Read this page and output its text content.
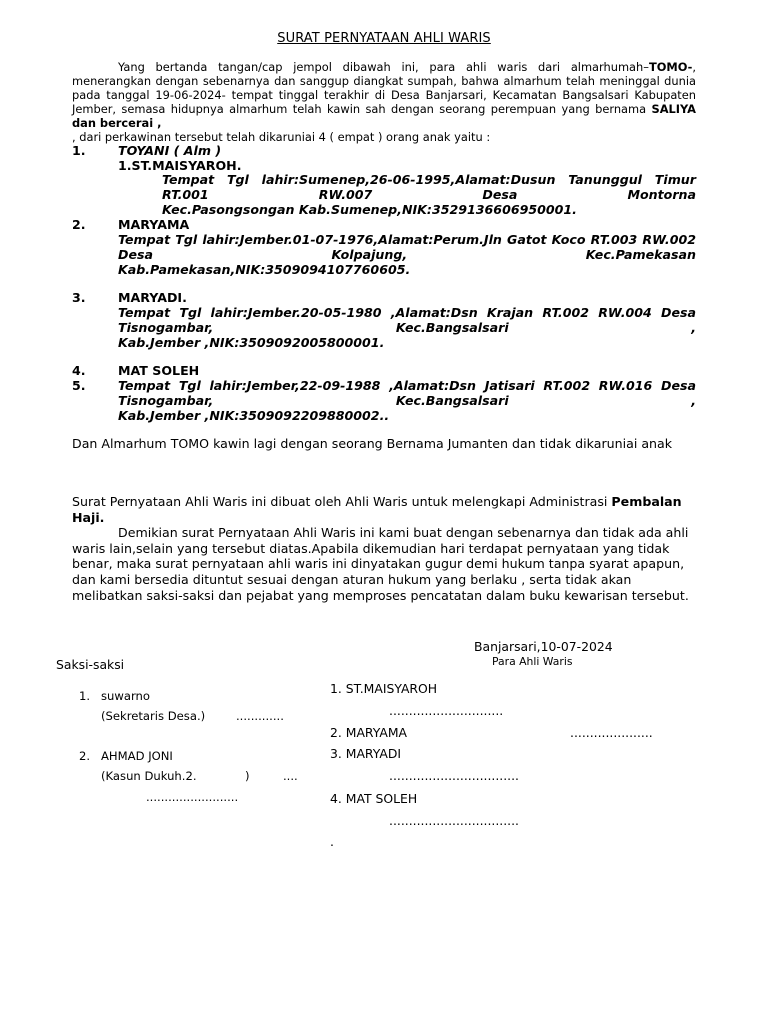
SURAT PERNYATAAN AHLI WARIS

Yang bertanda tangan/cap jempol dibawah ini, para ahli waris dari almarhumah–TOMO-, menerangkan dengan sebenarnya dan sanggup diangkat sumpah, bahwa almarhum telah meninggal dunia pada tanggal 19-06-2024- tempat tinggal terakhir di Desa Banjarsari, Kecamatan Bangsalsari Kabupaten Jember, semasa hidupnya almarhum telah kawin sah dengan seorang perempuan yang bernama SALIYA dan bercerai ,

, dari perkawinan tersebut telah dikaruniai 4 ( empat ) orang anak yaitu :

1.	TOYANI ( Alm )
1.ST.MAISYAROH.
Tempat Tgl lahir:Sumenep,26-06-1995,Alamat:Dusun Tanunggul Timur RT.001 RW.007 Desa Montorna
Kec.Pasongsongan Kab.Sumenep,NIK:3529136606950001.
2.	MARYAMA
Tempat Tgl lahir:Jember.01-07-1976,Alamat:Perum.Jln Gatot Koco RT.003 RW.002 Desa Kolpajung, Kec.Pamekasan
Kab.Pamekasan,NIK:3509094107760605.
3.	MARYADI.
Tempat Tgl lahir:Jember.20-05-1980 ,Alamat:Dsn Krajan RT.002 RW.004 Desa Tisnogambar, Kec.Bangsalsari ,
Kab.Jember ,NIK:3509092005800001.
4.	MAT SOLEH
5.	Tempat Tgl lahir:Jember,22-09-1988 ,Alamat:Dsn Jatisari RT.002 RW.016 Desa Tisnogambar, Kec.Bangsalsari ,
Kab.Jember ,NIK:3509092209880002..
Dan Almarhum TOMO kawin lagi dengan seorang Bernama Jumanten dan tidak dikaruniai anak

Surat Pernyataan Ahli Waris ini dibuat oleh Ahli Waris untuk melengkapi Administrasi Pembalan Haji.

Demikian surat Pernyataan Ahli Waris ini kami buat dengan sebenarnya dan tidak ada ahli waris lain,selain yang tersebut diatas.Apabila dikemudian hari terdapat pernyataan yang tidak benar, maka surat pernyataan ahli waris ini dinyatakan gugur demi hukum tanpa syarat apapun, dan kami bersedia dituntut sesuai dengan aturan hukum yang berlaku , serta tidak akan melibatkan saksi-saksi dan pejabat yang memproses pencatatan dalam buku kewarisan tersebut.

Banjarsari,10-07-2024
Para Ahli Waris
Saksi-saksi
1. suwarno
(Sekretaris Desa.)	.............
2. AHMAD JONI
(Kasun Dukuh.2.	)	....
.........................
1. ST.MAISYAROH
.............................
2. MARYAMA	.....................
3. MARYADI
.................................
4. MAT SOLEH
.................................
.
